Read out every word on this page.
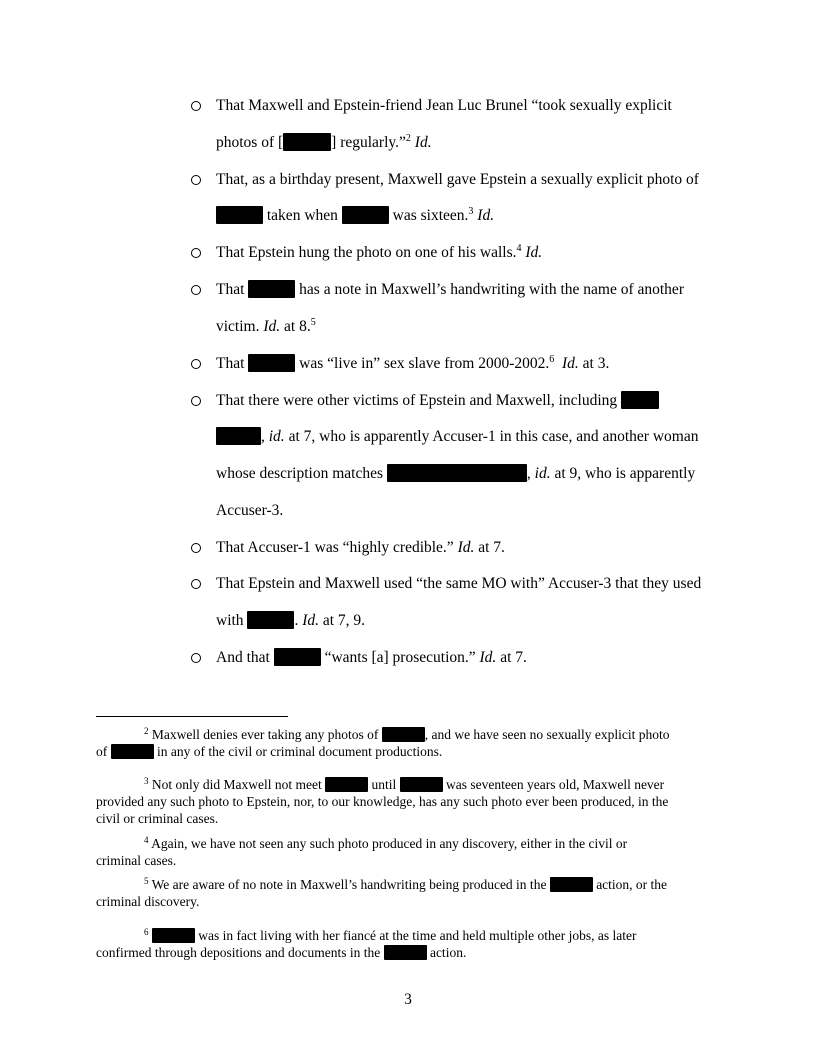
That Maxwell and Epstein-friend Jean Luc Brunel “took sexually explicit
photos of [	] regularly.”$^2$ Id.
That, as a birthday present, Maxwell gave Epstein a sexually explicit photo of
taken when	was sixteen.$^3$ Id.
That Epstein hung the photo on one of his walls.$^4$ Id.
That	has a note in Maxwell’s handwriting with the name of another
victim. Id. at 8.$^5$
That	was “live in” sex slave from 2000-2002.$^6$ Id. at 3.
That there were other victims of Epstein and Maxwell, including
, id. at 7, who is apparently Accuser-1 in this case, and another woman
whose description matches	, id. at 9, who is apparently
Accuser-3.
That Accuser-1 was “highly credible.” Id. at 7.
That Epstein and Maxwell used “the same MO with” Accuser-3 that they used
with	. Id. at 7, 9.
And that	“wants [a] prosecution.” Id. at 7.

$^2$ Maxwell denies ever taking any photos of	, and we have seen no sexually explicit photo

of	in any of the civil or criminal document productions.

$^3$ Not only did Maxwell not meet	until	was seventeen years old, Maxwell never

provided any such photo to Epstein, nor, to our knowledge, has any such photo ever been produced, in the

civil or criminal cases.

$^4$ Again, we have not seen any such photo produced in any discovery, either in the civil or

criminal cases.

$^5$ We are aware of no note in Maxwell’s handwriting being produced in the	action, or the

criminal discovery.

$^6$	was in fact living with her fiancé at the time and held multiple other jobs, as later

confirmed through depositions and documents in the	action.

3
